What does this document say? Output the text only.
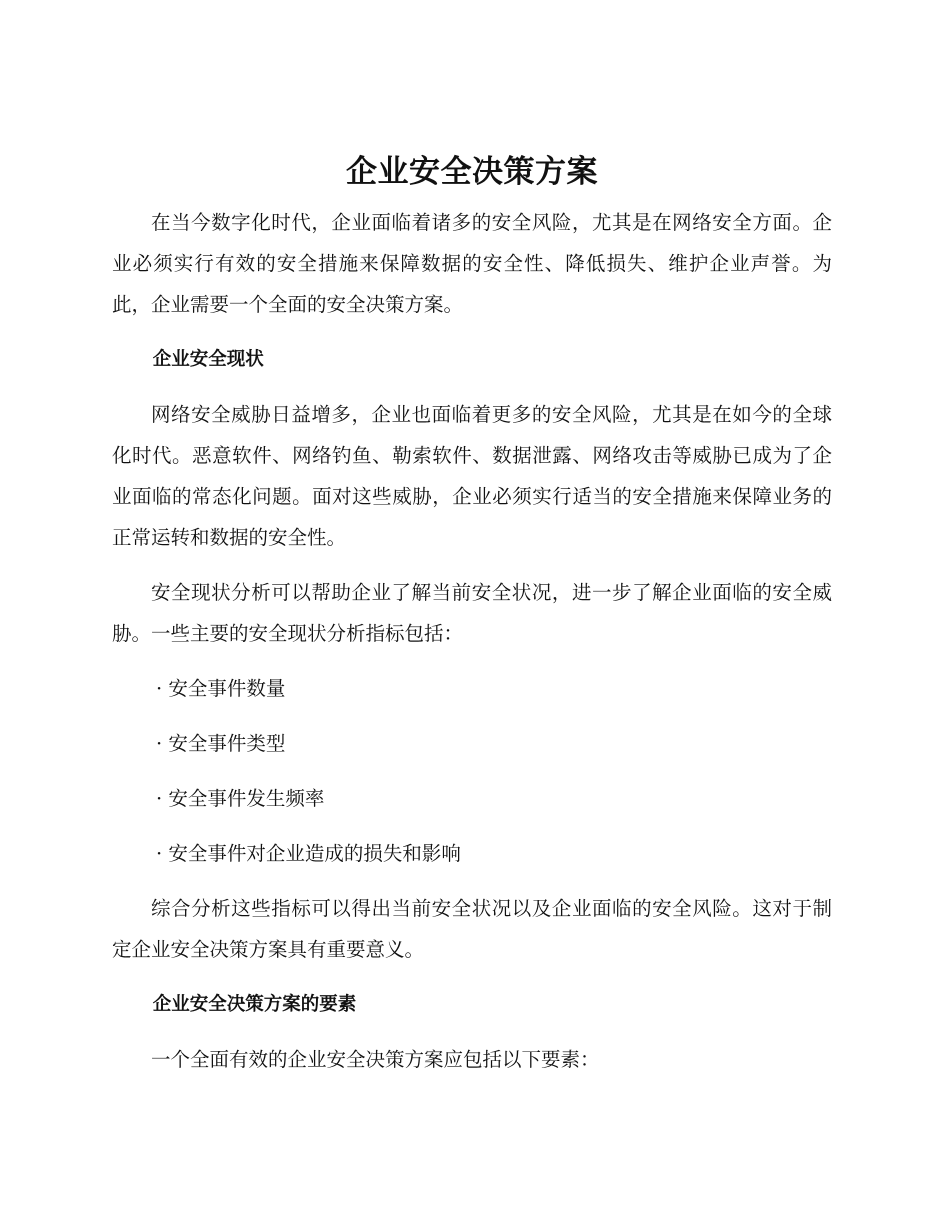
企业安全决策方案

在当今数字化时代，企业面临着诸多的安全风险，尤其是在网络安全方面。企业必须实行有效的安全措施来保障数据的安全性、降低损失、维护企业声誉。为此，企业需要一个全面的安全决策方案。

企业安全现状

网络安全威胁日益增多，企业也面临着更多的安全风险，尤其是在如今的全球化时代。恶意软件、网络钓鱼、勒索软件、数据泄露、网络攻击等威胁已成为了企业面临的常态化问题。面对这些威胁，企业必须实行适当的安全措施来保障业务的正常运转和数据的安全性。

安全现状分析可以帮助企业了解当前安全状况，进一步了解企业面临的安全威胁。一些主要的安全现状分析指标包括：

· 安全事件数量

· 安全事件类型

· 安全事件发生频率

· 安全事件对企业造成的损失和影响

综合分析这些指标可以得出当前安全状况以及企业面临的安全风险。这对于制定企业安全决策方案具有重要意义。

企业安全决策方案的要素

一个全面有效的企业安全决策方案应包括以下要素：
